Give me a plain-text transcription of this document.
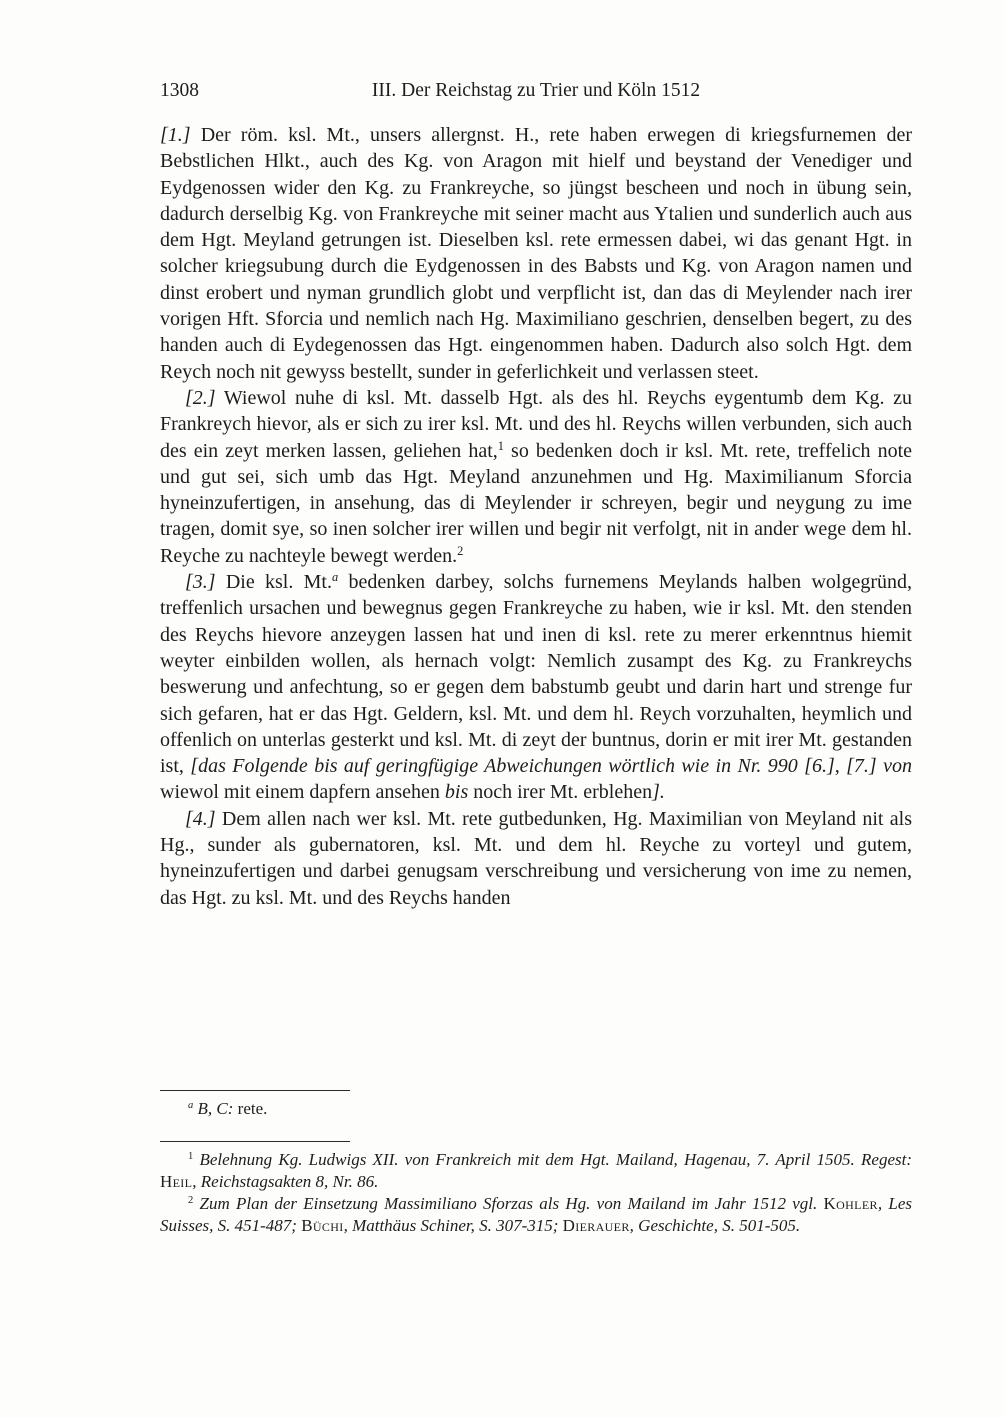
1308	III. Der Reichstag zu Trier und Köln 1512

[1.] Der röm. ksl. Mt., unsers allergnst. H., rete haben erwegen di kriegsfurnemen der Bebstlichen Hlkt., auch des Kg. von Aragon mit hielf und beystand der Venediger und Eydgenossen wider den Kg. zu Frankreyche, so jüngst bescheen und noch in übung sein, dadurch derselbig Kg. von Frankreyche mit seiner macht aus Ytalien und sunderlich auch aus dem Hgt. Meyland getrungen ist. Dieselben ksl. rete ermessen dabei, wi das genant Hgt. in solcher kriegsubung durch die Eydgenossen in des Babsts und Kg. von Aragon namen und dinst erobert und nyman grundlich globt und verpflicht ist, dan das di Meylender nach irer vorigen Hft. Sforcia und nemlich nach Hg. Maximiliano geschrien, denselben begert, zu des handen auch di Eydegenossen das Hgt. eingenommen haben. Dadurch also solch Hgt. dem Reych noch nit gewyss bestellt, sunder in geferlichkeit und verlassen steet.

[2.] Wiewol nuhe di ksl. Mt. dasselb Hgt. als des hl. Reychs eygentumb dem Kg. zu Frankreych hievor, als er sich zu irer ksl. Mt. und des hl. Reychs willen verbunden, sich auch des ein zeyt merken lassen, geliehen hat,$^1$ so bedenken doch ir ksl. Mt. rete, treffelich note und gut sei, sich umb das Hgt. Meyland anzunehmen und Hg. Maximilianum Sforcia hyneinzufertigen, in ansehung, das di Meylender ir schreyen, begir und neygung zu ime tragen, domit sye, so inen solcher irer willen und begir nit verfolgt, nit in ander wege dem hl. Reyche zu nachteyle bewegt werden.$^2$

[3.] Die ksl. Mt.$^a$ bedenken darbey, solchs furnemens Meylands halben wolgegründ, treffenlich ursachen und bewegnus gegen Frankreyche zu haben, wie ir ksl. Mt. den stenden des Reychs hievore anzeygen lassen hat und inen di ksl. rete zu merer erkenntnus hiemit weyter einbilden wollen, als hernach volgt: Nemlich zusampt des Kg. zu Frankreychs beswerung und anfechtung, so er gegen dem babstumb geubt und darin hart und strenge fur sich gefaren, hat er das Hgt. Geldern, ksl. Mt. und dem hl. Reych vorzuhalten, heymlich und offenlich on unterlas gesterkt und ksl. Mt. di zeyt der buntnus, dorin er mit irer Mt. gestanden ist, [das Folgende bis auf geringfügige Abweichungen wörtlich wie in Nr. 990 [6.], [7.] von wiewol mit einem dapfern ansehen bis noch irer Mt. erblehen].

[4.] Dem allen nach wer ksl. Mt. rete gutbedunken, Hg. Maximilian von Meyland nit als Hg., sunder als gubernatoren, ksl. Mt. und dem hl. Reyche zu vorteyl und gutem, hyneinzufertigen und darbei genugsam verschreibung und versicherung von ime zu nemen, das Hgt. zu ksl. Mt. und des Reychs handen

$^a$ B, C: rete.

$^1$ Belehnung Kg. Ludwigs XII. von Frankreich mit dem Hgt. Mailand, Hagenau, 7. April 1505. Regest: Heil, Reichstagsakten 8, Nr. 86.

$^2$ Zum Plan der Einsetzung Massimiliano Sforzas als Hg. von Mailand im Jahr 1512 vgl. Kohler, Les Suisses, S. 451-487; Büchi, Matthäus Schiner, S. 307-315; Dierauer, Geschichte, S. 501-505.
